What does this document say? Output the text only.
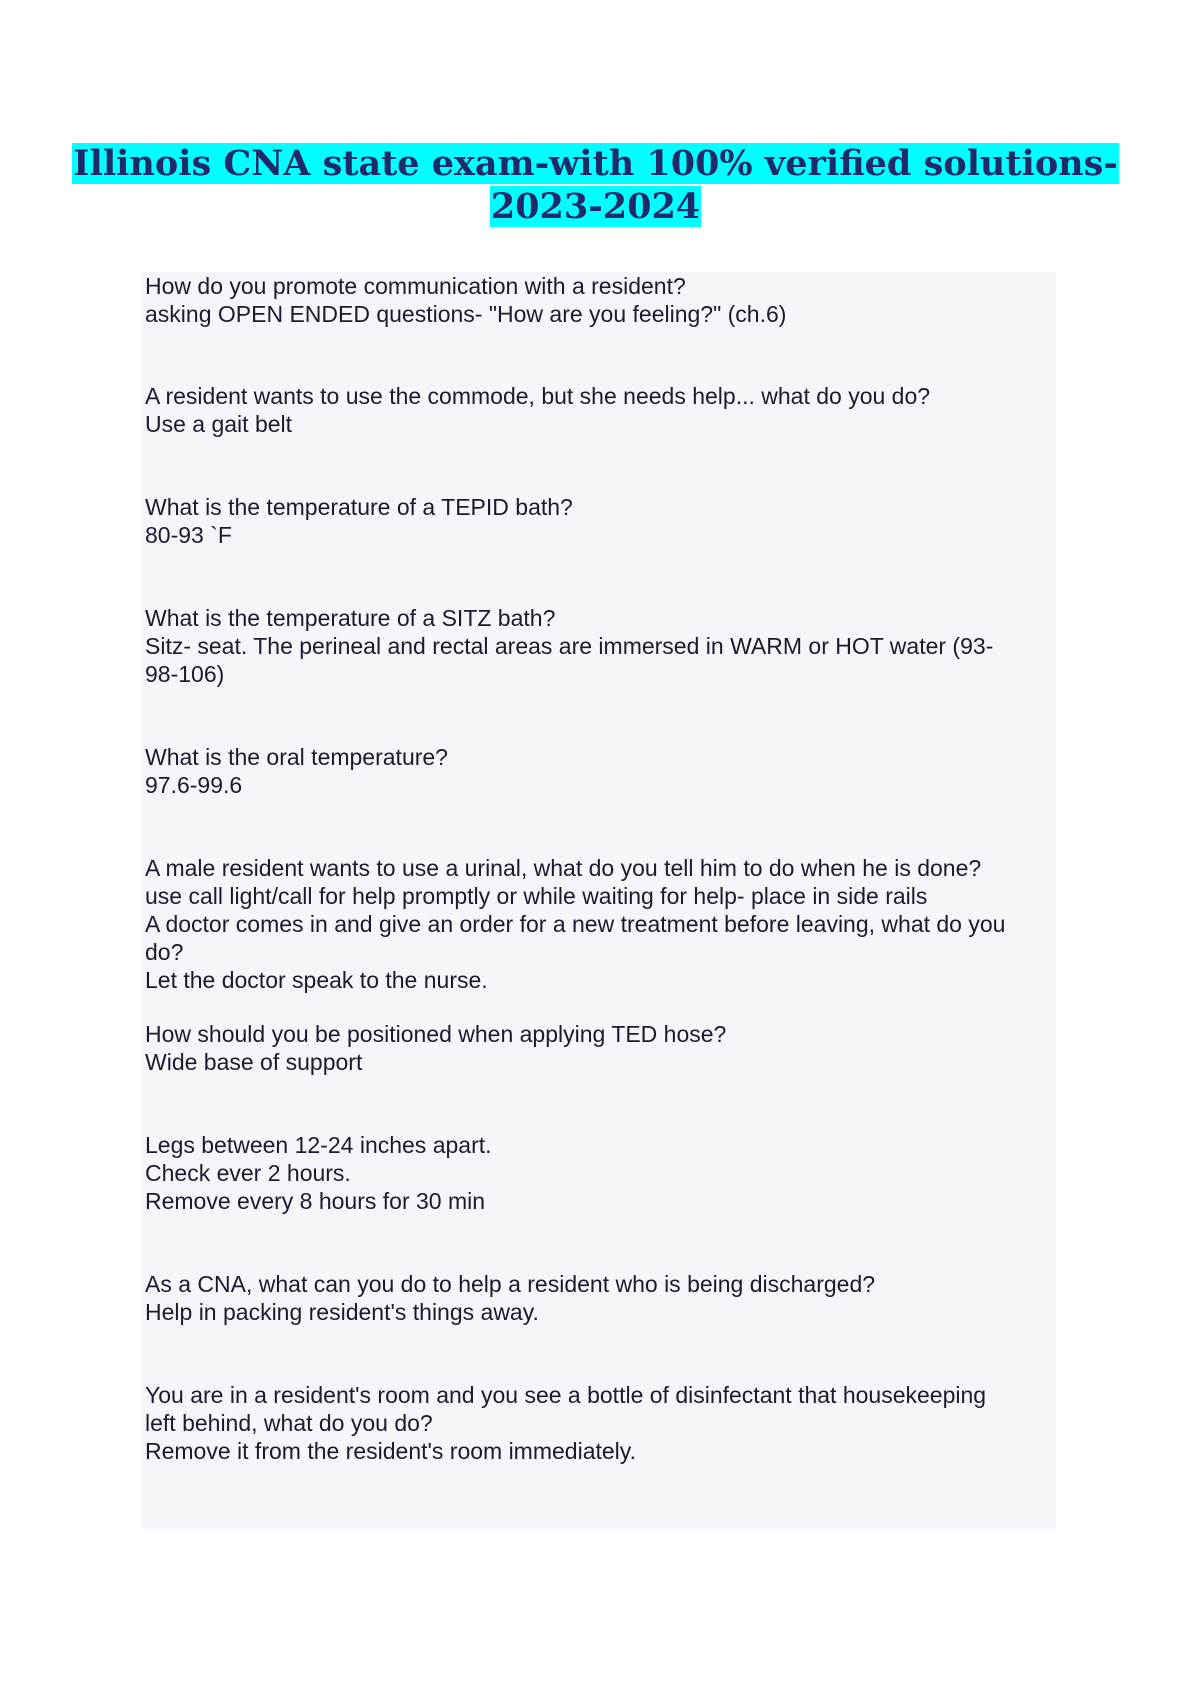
Illinois CNA state exam-with 100% verified solutions-
2023-2024
How do you promote communication with a resident?
asking OPEN ENDED questions- "How are you feeling?" (ch.6)
A resident wants to use the commode, but she needs help... what do you do?
Use a gait belt
What is the temperature of a TEPID bath?
80-93 `F
What is the temperature of a SITZ bath?
Sitz- seat. The perineal and rectal areas are immersed in WARM or HOT water (93-
98-106)
What is the oral temperature?
97.6-99.6
A male resident wants to use a urinal, what do you tell him to do when he is done?
use call light/call for help promptly or while waiting for help- place in side rails
A doctor comes in and give an order for a new treatment before leaving, what do you
do?
Let the doctor speak to the nurse.
How should you be positioned when applying TED hose?
Wide base of support
Legs between 12-24 inches apart.
Check ever 2 hours.
Remove every 8 hours for 30 min
As a CNA, what can you do to help a resident who is being discharged?
Help in packing resident's things away.
You are in a resident's room and you see a bottle of disinfectant that housekeeping
left behind, what do you do?
Remove it from the resident's room immediately.
